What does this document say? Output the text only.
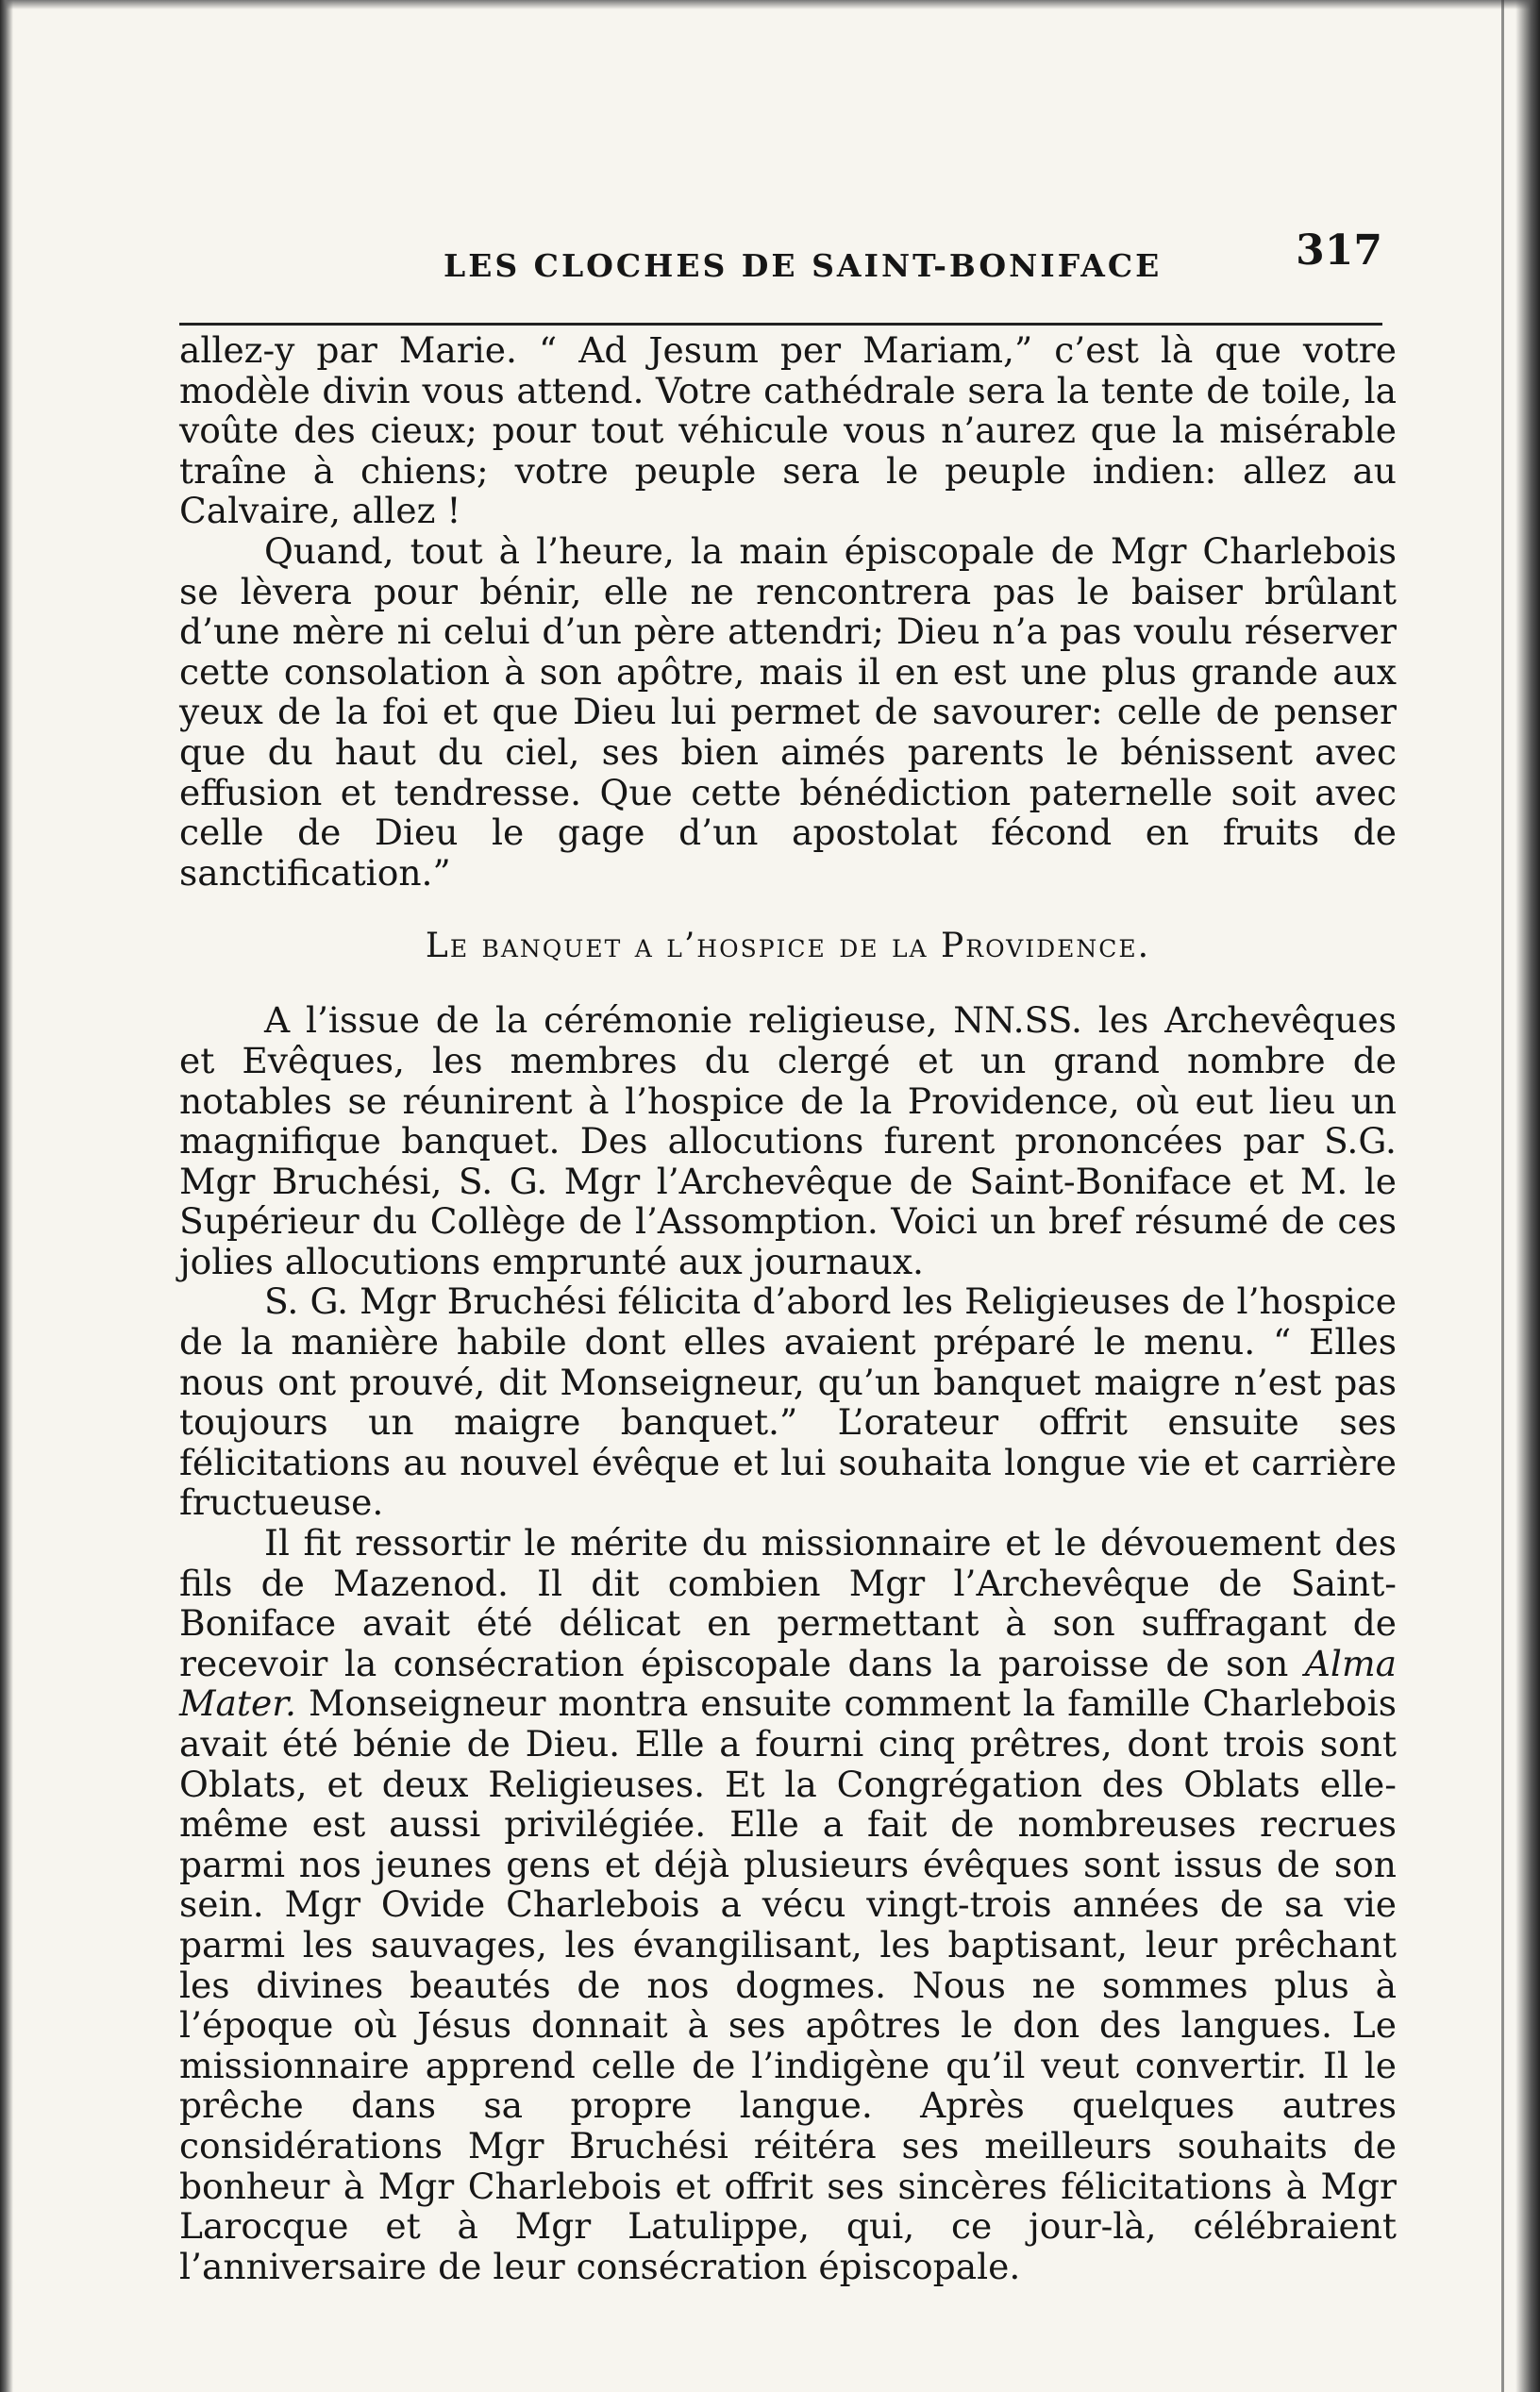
LES CLOCHES DE SAINT-BONIFACE	317

allez-y par Marie. “ Ad Jesum per Mariam,” c’est là que votre modèle divin vous attend. Votre cathédrale sera la tente de toile, la voûte des cieux; pour tout véhicule vous n’aurez que la misérable traîne à chiens; votre peuple sera le peuple indien: allez au Calvaire, allez !

Quand, tout à l’heure, la main épiscopale de Mgr Charlebois se lèvera pour bénir, elle ne rencontrera pas le baiser brûlant d’une mère ni celui d’un père attendri; Dieu n’a pas voulu réserver cette consolation à son apôtre, mais il en est une plus grande aux yeux de la foi et que Dieu lui permet de savourer: celle de penser que du haut du ciel, ses bien aimés parents le bénissent avec effusion et tendresse. Que cette bénédiction paternelle soit avec celle de Dieu le gage d’un apostolat fécond en fruits de sanctification.”

Le banquet a l’hospice de la Providence.

A l’issue de la cérémonie religieuse, NN.SS. les Archevêques et Evêques, les membres du clergé et un grand nombre de notables se réunirent à l’hospice de la Providence, où eut lieu un magnifique banquet. Des allocutions furent prononcées par S.G. Mgr Bruchési, S. G. Mgr l’Archevêque de Saint-Boniface et M. le Supérieur du Collège de l’Assomption. Voici un bref résumé de ces jolies allocutions emprunté aux journaux.

S. G. Mgr Bruchési félicita d’abord les Religieuses de l’hospice de la manière habile dont elles avaient préparé le menu. “ Elles nous ont prouvé, dit Monseigneur, qu’un banquet maigre n’est pas toujours un maigre banquet.” L’orateur offrit ensuite ses félicitations au nouvel évêque et lui souhaita longue vie et carrière fructueuse.

Il fit ressortir le mérite du missionnaire et le dévouement des fils de Mazenod. Il dit combien Mgr l’Archevêque de Saint-Boniface avait été délicat en permettant à son suffragant de recevoir la consécration épiscopale dans la paroisse de son Alma Mater. Monseigneur montra ensuite comment la famille Charlebois avait été bénie de Dieu. Elle a fourni cinq prêtres, dont trois sont Oblats, et deux Religieuses. Et la Congrégation des Oblats elle-même est aussi privilégiée. Elle a fait de nombreuses recrues parmi nos jeunes gens et déjà plusieurs évêques sont issus de son sein. Mgr Ovide Charlebois a vécu vingt-trois années de sa vie parmi les sauvages, les évangilisant, les baptisant, leur prêchant les divines beautés de nos dogmes. Nous ne sommes plus à l’époque où Jésus donnait à ses apôtres le don des langues. Le missionnaire apprend celle de l’indigène qu’il veut convertir. Il le prêche dans sa propre langue. Après quelques autres considérations Mgr Bruchési réitéra ses meilleurs souhaits de bonheur à Mgr Charlebois et offrit ses sincères félicitations à Mgr Larocque et à Mgr Latulippe, qui, ce jour-là, célébraient l’anniversaire de leur consécration épiscopale.
